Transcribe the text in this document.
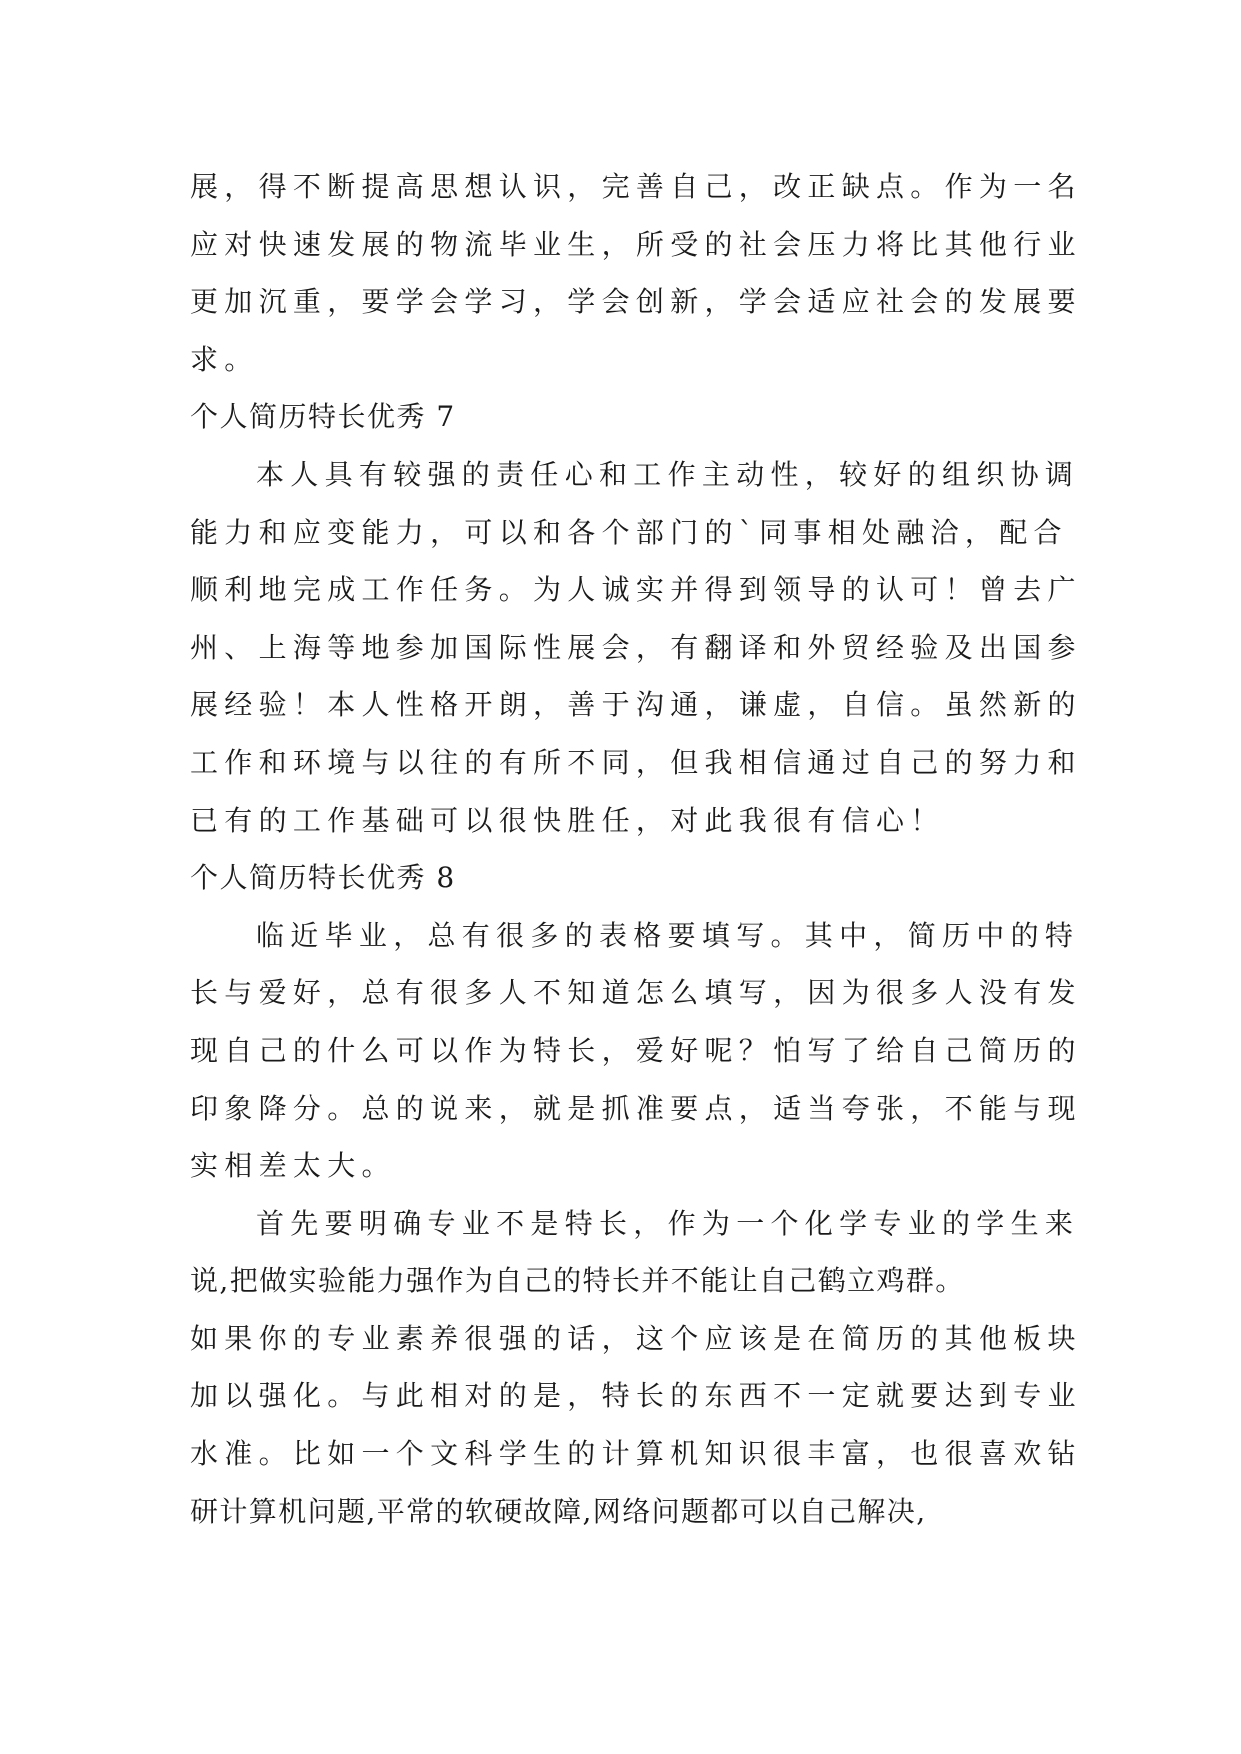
展，得不断提高思想认识，完善自己，改正缺点。作为一名
应对快速发展的物流毕业生，所受的社会压力将比其他行业
更加沉重，要学会学习，学会创新，学会适应社会的发展要
求。
个人简历特长优秀 7
本人具有较强的责任心和工作主动性，较好的组织协调
能力和应变能力，可以和各个部门的`同事相处融洽，配合
顺利地完成工作任务。为人诚实并得到领导的认可！曾去广
州、上海等地参加国际性展会，有翻译和外贸经验及出国参
展经验！本人性格开朗，善于沟通，谦虚，自信。虽然新的
工作和环境与以往的有所不同，但我相信通过自己的努力和
已有的工作基础可以很快胜任，对此我很有信心！
个人简历特长优秀 8
临近毕业，总有很多的表格要填写。其中，简历中的特
长与爱好，总有很多人不知道怎么填写，因为很多人没有发
现自己的什么可以作为特长，爱好呢？怕写了给自己简历的
印象降分。总的说来，就是抓准要点，适当夸张，不能与现
实相差太大。
首先要明确专业不是特长，作为一个化学专业的学生来
说,把做实验能力强作为自己的特长并不能让自己鹤立鸡群。
如果你的专业素养很强的话，这个应该是在简历的其他板块
加以强化。与此相对的是，特长的东西不一定就要达到专业
水准。比如一个文科学生的计算机知识很丰富，也很喜欢钻
研计算机问题,平常的软硬故障,网络问题都可以自己解决,
